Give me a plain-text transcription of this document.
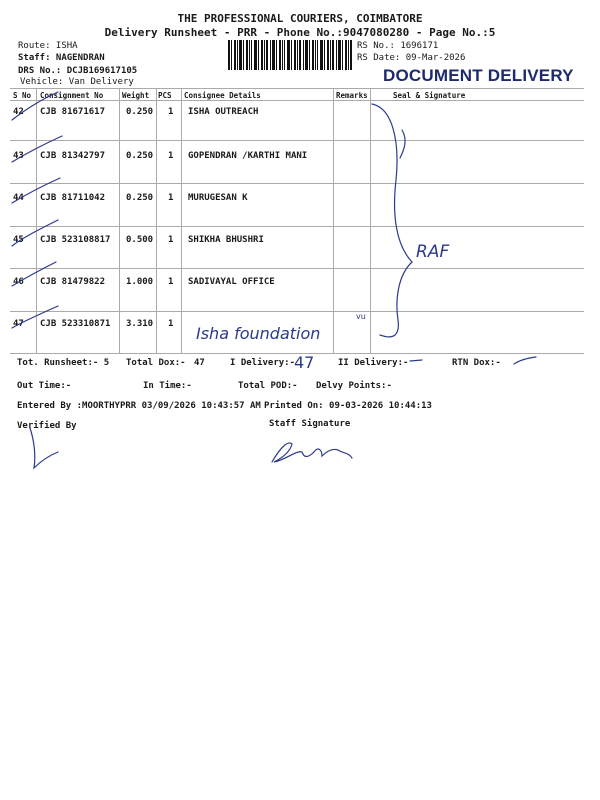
THE PROFESSIONAL COURIERS, COIMBATORE
Delivery Runsheet - PRR - Phone No.:9047080280 - Page No.:5
Route: ISHA
Staff: NAGENDRAN
DRS No.: DCJB169617105
Vehicle: Van Delivery
RS No.: 1696171
RS Date: 09-Mar-2026
DOCUMENT DELIVERY
S No Consignment No	Weight PCS Consignee Details	Remarks	Seal & Signature
42 CJB 81671617 0.250 1 ISHA OUTREACH
43 CJB 81342797 0.250 1 GOPENDRAN /KARTHI MANI
44 CJB 81711042 0.250 1 MURUGESAN K
45 CJB 523108817 0.500 1 SHIKHA BHUSHRI
46 CJB 81479822 1.000 1 SADIVAYAL OFFICE
47 CJB 523310871 3.310 1
RAF
Isha foundation
vu
Tot. Runsheet:- 5 Total Dox:- 47	I Delivery:-
47	II Delivery:-	RTN Dox:-
Out Time:-	In Time:-	Total POD:- Delvy Points:-
Entered By :MOORTHYPRR 03/09/2026 10:43:57 AM Printed On: 09-03-2026 10:44:13
Verified By	Staff Signature
